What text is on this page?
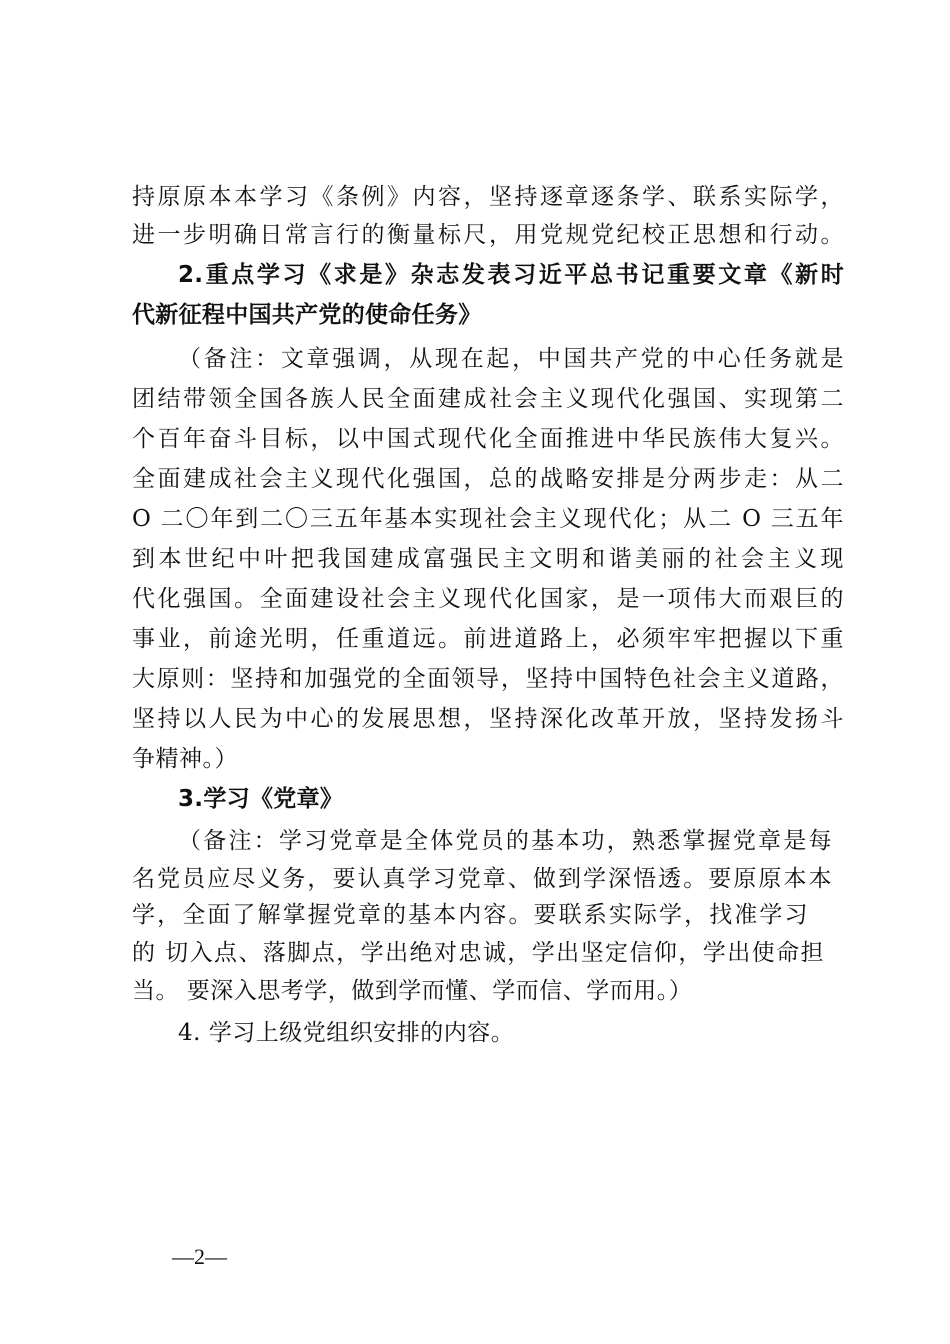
持原原本本学习《条例》内容，坚持逐章逐条学、联系实际学，
进一步明确日常言行的衡量标尺，用党规党纪校正思想和行动。
2.重点学习《求是》杂志发表习近平总书记重要文章《新时
代新征程中国共产党的使命任务》
（备注：文章强调，从现在起，中国共产党的中心任务就是
团结带领全国各族人民全面建成社会主义现代化强国、实现第二
个百年奋斗目标，以中国式现代化全面推进中华民族伟大复兴。
全面建成社会主义现代化强国，总的战略安排是分两步走：从二
O 二〇年到二〇三五年基本实现社会主义现代化；从二 O 三五年
到本世纪中叶把我国建成富强民主文明和谐美丽的社会主义现
代化强国。全面建设社会主义现代化国家，是一项伟大而艰巨的
事业，前途光明，任重道远。前进道路上，必须牢牢把握以下重
大原则：坚持和加强党的全面领导，坚持中国特色社会主义道路，
坚持以人民为中心的发展思想，坚持深化改革开放，坚持发扬斗
争精神。）
3.学习《党章》
（备注：学习党章是全体党员的基本功，熟悉掌握党章是每
名党员应尽义务，要认真学习党章、做到学深悟透。要原原本本
学，全面了解掌握党章的基本内容。要联系实际学，找准学习
的 切入点、落脚点，学出绝对忠诚，学出坚定信仰，学出使命担
当。 要深入思考学，做到学而懂、学而信、学而用。）
4. 学习上级党组织安排的内容。
—2—
